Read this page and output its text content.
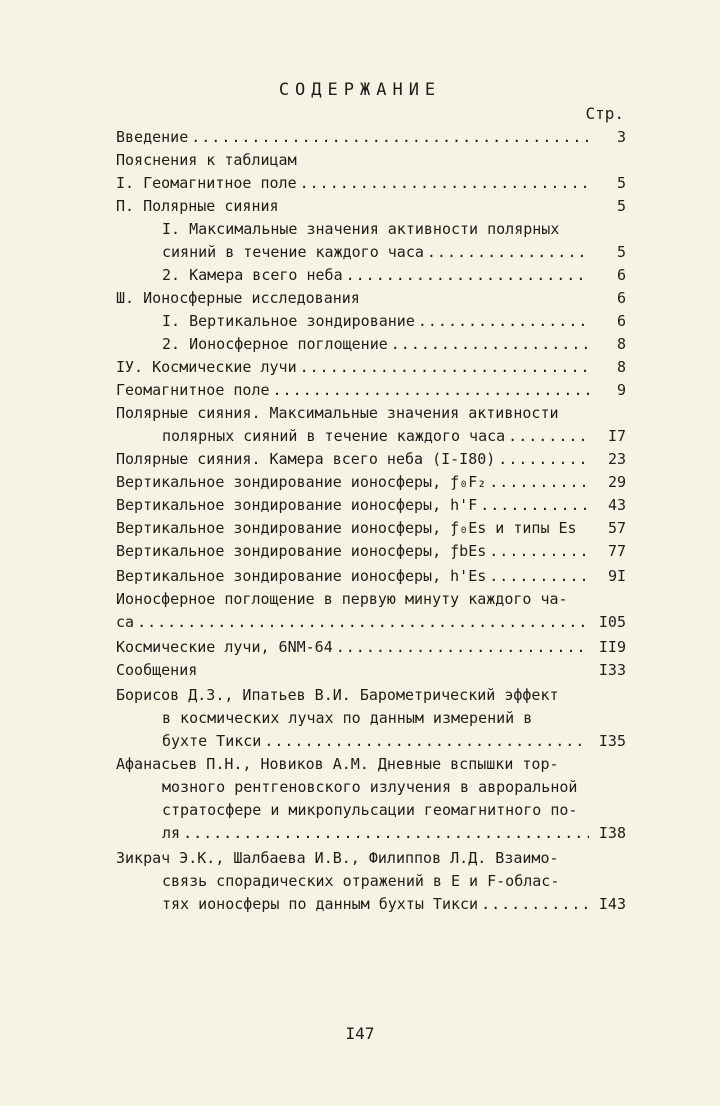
СОДЕРЖАНИЕ
Стр.
Введение .....	3
Пояснения к таблицам
I. Геомагнитное поле .....	5
П. Полярные сияния	5
I. Максимальные значения активности полярных
сияний в течение каждого часа .....	5
2. Камера всего неба .....	6
Ш. Ионосферные исследования	6
I. Вертикальное зондирование .....	6
2. Ионосферное поглощение .....	8
IУ. Космические лучи .....	8
Геомагнитное поле .....	9
Полярные сияния. Максимальные значения активности
полярных сияний в течение каждого часа .....	I7
Полярные сияния. Камера всего неба (I-I80) .....	23
Вертикальное зондирование ионосферы, ƒ₀F₂ .....	29
Вертикальное зондирование ионосферы, h'F .....	43
Вертикальное зондирование ионосферы, ƒ₀Es и типы Es	57
Вертикальное зондирование ионосферы, ƒbEs .....	77
Вертикальное зондирование ионосферы, h'Es .....	9I
Ионосферное поглощение в первую минуту каждого ча-
са .....	I05
Космические лучи, 6NM-64 .....	II9
Сообщения	I33
Борисов Д.З., Ипатьев В.И. Барометрический эффект
в космических лучах по данным измерений в
бухте Тикси .....	I35
Афанасьев П.Н., Новиков А.М. Дневные вспышки тор-
мозного рентгеновского излучения в авроральной
стратосфере и микропульсации геомагнитного по-
ля .....	I38
Зикрач Э.К., Шалбаева И.В., Филиппов Л.Д. Взаимо-
связь спорадических отражений в Е и F-облас-
тях ионосферы по данным бухты Тикси .....	I43
I47
